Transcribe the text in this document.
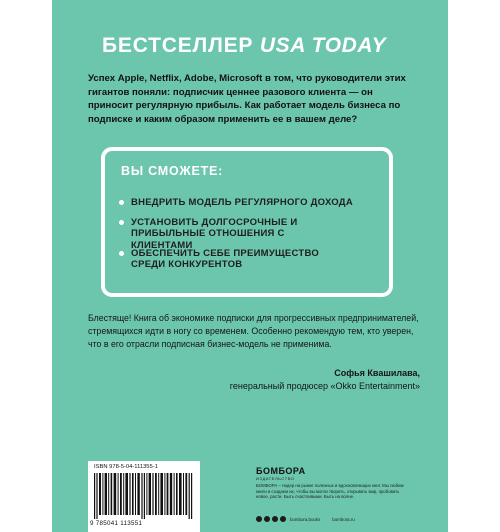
БЕСТСЕЛЛЕР USA TODAY
Успех Apple, Netflix, Adobe, Microsoft в том, что руководители этих гигантов поняли: подписчик ценнее разового клиента — он приносит регулярную прибыль. Как работает модель бизнеса по подписке и каким образом применить ее в вашем деле?
ВЫ СМОЖЕТЕ:
ВНЕДРИТЬ МОДЕЛЬ РЕГУЛЯРНОГО ДОХОДА
УСТАНОВИТЬ ДОЛГОСРОЧНЫЕ И ПРИБЫЛЬНЫЕ ОТНОШЕНИЯ С КЛИЕНТАМИ
ОБЕСПЕЧИТЬ СЕБЕ ПРЕИМУЩЕСТВО СРЕДИ КОНКУРЕНТОВ
Блестяще! Книга об экономике подписки для прогрессивных предпринимателей, стремящихся идти в ногу со временем. Особенно рекомендую тем, кто уверен, что в его отрасли подписная бизнес-модель не применима.
Софья Квашилава,
генеральный продюсер «Okko Entertainment»
ISBN 978-5-04-111355-1
9 785041 113551
БОМБОРА
ИЗДАТЕЛЬСТВО
БОМБОРА – лидер на рынке полезных и вдохновляющих книг. Мы любим книги и создаем их, чтобы вы могли творить, открывать мир, пробовать новое, расти. Быть счастливыми. Быть на волне.
bombora.books	bombora.ru
